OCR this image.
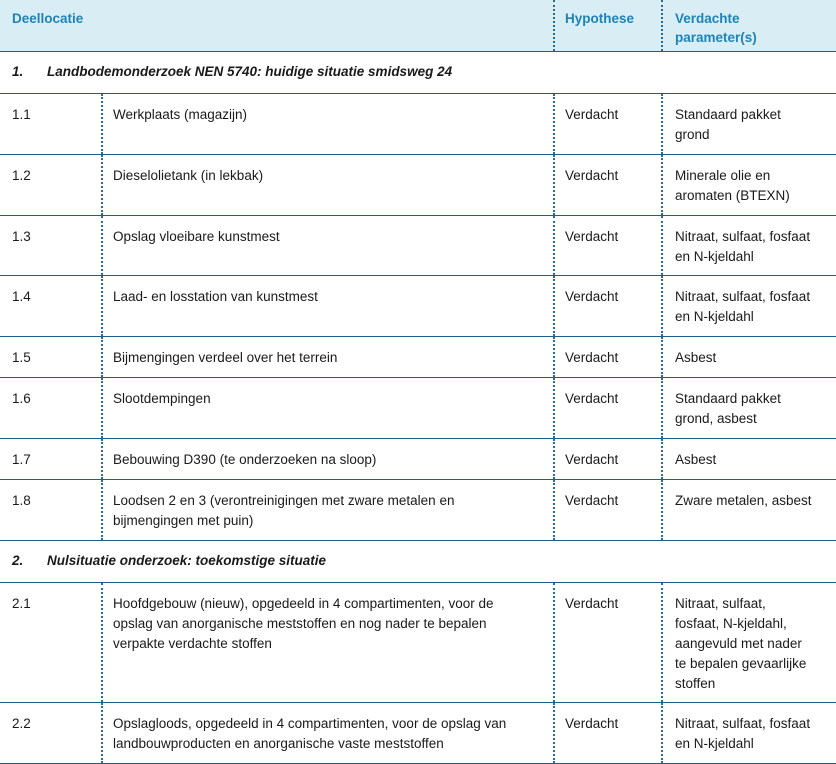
Deellocatie	Hypothese	Verdachte
parameter(s)
1. Landbodemonderzoek NEN 5740: huidige situatie smidsweg 24
1.1	Werkplaats (magazijn)	Verdacht	Standaard pakket
grond
1.2	Dieselolietank (in lekbak)	Verdacht	Minerale olie en
aromaten (BTEXN)
1.3	Opslag vloeibare kunstmest	Verdacht	Nitraat, sulfaat, fosfaat
en N-kjeldahl
1.4	Laad- en losstation van kunstmest	Verdacht	Nitraat, sulfaat, fosfaat
en N-kjeldahl
1.5	Bijmengingen verdeel over het terrein	Verdacht	Asbest
1.6	Slootdempingen	Verdacht	Standaard pakket
grond, asbest
1.7	Bebouwing D390 (te onderzoeken na sloop)	Verdacht	Asbest
1.8	Loodsen 2 en 3 (verontreinigingen met zware metalen en
bijmengingen met puin)
Verdacht	Zware metalen, asbest
2. Nulsituatie onderzoek: toekomstige situatie
2.1	Hoofdgebouw (nieuw), opgedeeld in 4 compartimenten, voor de
opslag van anorganische meststoffen en nog nader te bepalen
verpakte verdachte stoffen
Verdacht	Nitraat, sulfaat,
fosfaat, N-kjeldahl,
aangevuld met nader
te bepalen gevaarlijke
stoffen
2.2	Opslagloods, opgedeeld in 4 compartimenten, voor de opslag van
landbouwproducten en anorganische vaste meststoffen
Verdacht	Nitraat, sulfaat, fosfaat
en N-kjeldahl
